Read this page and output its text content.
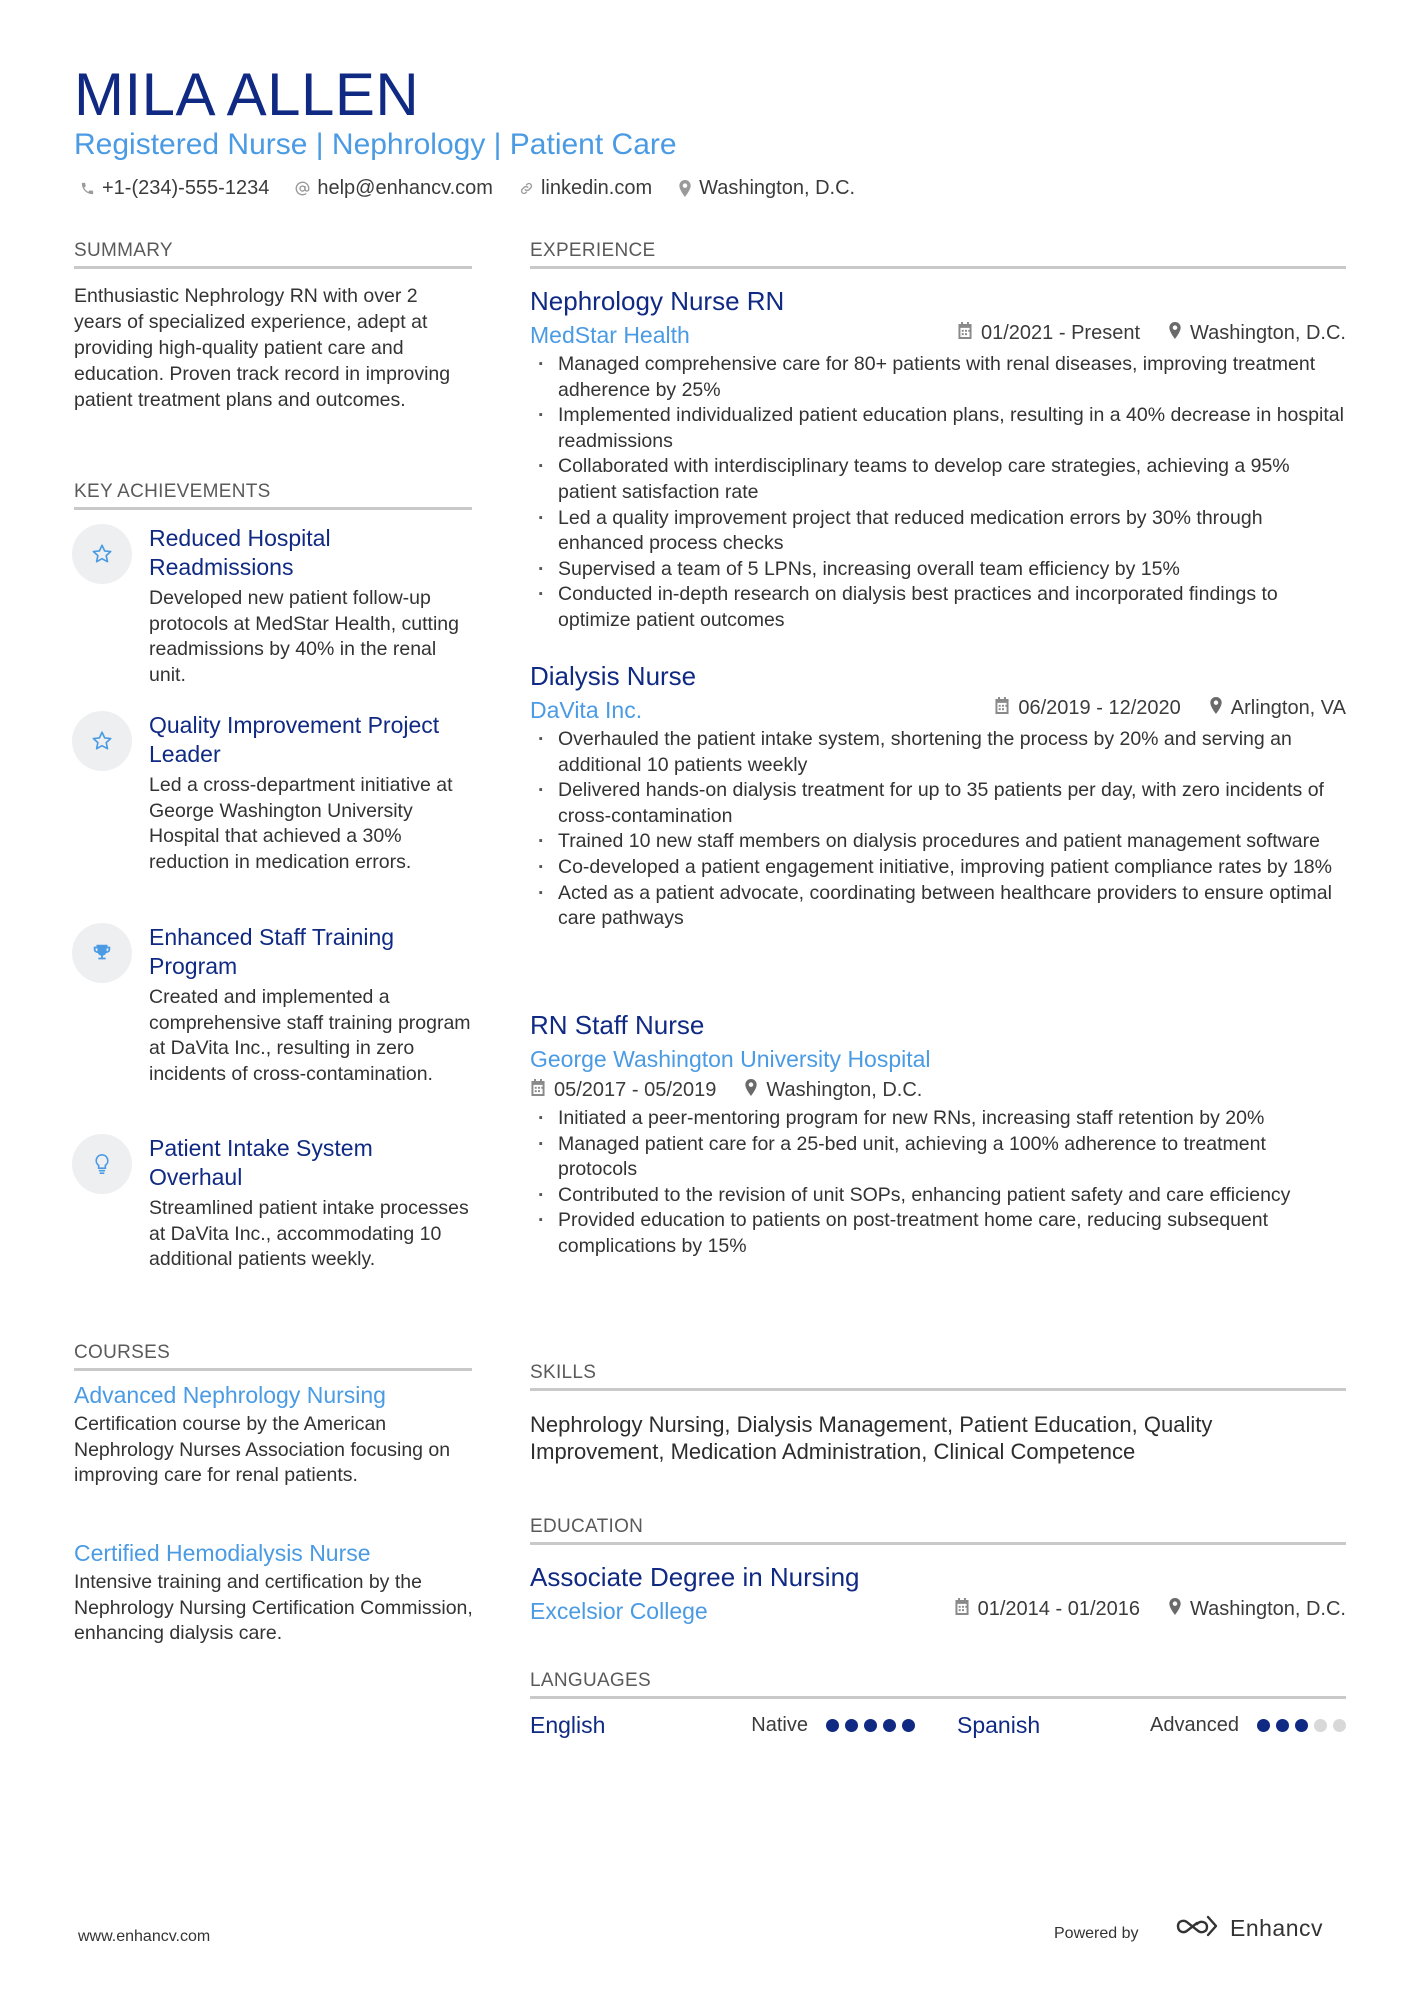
MILA ALLEN
Registered Nurse | Nephrology | Patient Care
+1-(234)-555-1234 help@enhancv.com linkedin.com Washington, D.C.
SUMMARY
Enthusiastic Nephrology RN with over 2 years of specialized experience, adept at providing high-quality patient care and education. Proven track record in improving patient treatment plans and outcomes.
KEY ACHIEVEMENTS
Reduced Hospital Readmissions
Developed new patient follow-up protocols at MedStar Health, cutting readmissions by 40% in the renal unit.
Quality Improvement Project Leader
Led a cross-department initiative at George Washington University Hospital that achieved a 30% reduction in medication errors.
Enhanced Staff Training Program
Created and implemented a comprehensive staff training program at DaVita Inc., resulting in zero incidents of cross-contamination.
Patient Intake System Overhaul
Streamlined patient intake processes at DaVita Inc., accommodating 10 additional patients weekly.
COURSES
Advanced Nephrology Nursing
Certification course by the American Nephrology Nurses Association focusing on improving care for renal patients.
Certified Hemodialysis Nurse
Intensive training and certification by the Nephrology Nursing Certification Commission, enhancing dialysis care.
EXPERIENCE
Nephrology Nurse RN
MedStar Health	01/2021 - Present	Washington, D.C.
· Managed comprehensive care for 80+ patients with renal diseases, improving treatment adherence by 25%
· Implemented individualized patient education plans, resulting in a 40% decrease in hospital readmissions
· Collaborated with interdisciplinary teams to develop care strategies, achieving a 95% patient satisfaction rate
· Led a quality improvement project that reduced medication errors by 30% through enhanced process checks
· Supervised a team of 5 LPNs, increasing overall team efficiency by 15%
· Conducted in-depth research on dialysis best practices and incorporated findings to optimize patient outcomes
Dialysis Nurse
DaVita Inc.	06/2019 - 12/2020	Arlington, VA
· Overhauled the patient intake system, shortening the process by 20% and serving an additional 10 patients weekly
· Delivered hands-on dialysis treatment for up to 35 patients per day, with zero incidents of cross-contamination
· Trained 10 new staff members on dialysis procedures and patient management software
· Co-developed a patient engagement initiative, improving patient compliance rates by 18%
· Acted as a patient advocate, coordinating between healthcare providers to ensure optimal care pathways
RN Staff Nurse
George Washington University Hospital
05/2017 - 05/2019	Washington, D.C.
· Initiated a peer-mentoring program for new RNs, increasing staff retention by 20%
· Managed patient care for a 25-bed unit, achieving a 100% adherence to treatment protocols
· Contributed to the revision of unit SOPs, enhancing patient safety and care efficiency
· Provided education to patients on post-treatment home care, reducing subsequent complications by 15%
SKILLS
Nephrology Nursing, Dialysis Management, Patient Education, Quality Improvement, Medication Administration, Clinical Competence
EDUCATION
Associate Degree in Nursing
Excelsior College	01/2014 - 01/2016	Washington, D.C.
LANGUAGES
English	Native	Spanish	Advanced
www.enhancv.com	Powered by	Enhancv
